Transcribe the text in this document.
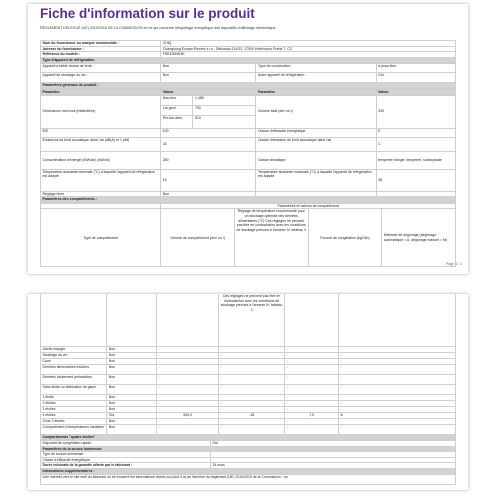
Fiche d'information sur le produit
RÈGLEMENT DÉLÉGUÉ (UE) 2019/2016 DE LA COMMISSION en ce qui concerne l'étiquetage énergétique des dispositifs d'affichage électronique
Nom du fournisseur ou marque commerciale :	CHiQ
Adresse du fournisseur :	Changhong Europe Electric s.r.o., Děčínská 214/32, 17000 Holešovice Praha 7, CZ
Référence du modèle :	FSE430NE4E
Type d'appareil de réfrigération	
Appareil à faible niveau de bruit :	Non	Type de construction :	à pose libre
Appareil de stockage du vin :	Non	Autre appareil de réfrigération :	Oui
Paramètres généraux du produit :			
Paramètre	Valeur	Paramètre	Valeur
Dimensions hors tout (millimètres)	
Hau-teur	1 485
Lar-geur	700
Pro-fon-deur	610
	Volume total (dm³ ou l)	330
IEE	100	Classe d'efficacité énergétique	E
Émissions de bruit acoustique dans l'air (dB(A) re 1 pW)	43	Classe d'émission de bruit acoustique dans l'air	C
Consommation d'énergie (kWh/an) (kWh/a)	280	Classe climatique :	tempérée élargie, tempérée, subtropicale
Température ambiante minimale (°C) à laquelle l'appareil de réfrigération est adapté	16	Température ambiante maximale (°C) à laquelle l'appareil de réfrigération est adapté	38
Réglage hiver	Non		
Paramètres des compartiments :
	Paramètres et valeurs de compartiment			
Type de compartiment	Volume de compartiment (dm³ ou l)	Réglage de température recommandé pour un stockage optimisé des denrées alimentaires (°C) Ces réglages ne peuvent pas être en contradiction avec les conditions de stockage prévues à l'annexe IV, tableau 3	Pouvoir de congélation (kg/24h)	Méthode de dégivrage (dégivrage automatique = A, dégivrage manuel = M)
Page 1 / 2
			Ces réglages ne peuvent pas être en contradiction avec les conditions de stockage prévues à l'annexe IV, tableau 3		
Garde-manger	Non	-	-	-	-
Stockage du vin	Non	-	-	-	-
Cave	Non	-	-	-	-
Denrées alimentaires fraîches	Non	-	-	-	-
Denrées hautement périssables	Non	-	-	-	-
Sans étoile ou fabrication de glace	Non	-	-	-	-
1 étoile	Non	-	-	-	-
2 étoiles	Non	-	-	-	-
3 étoiles	Non	-	-	-	-
4 étoiles	Oui	330,0	-18	7,5	A
Zone 2 étoiles	Non	-	-	-	-
Compartiment à températures variables	Non	-	-	-	-
Compartiments "quatre étoiles"					
Dispositif de congélation rapide	Oui
Paramètres de la source lumineuse:	
Type de source lumineuse	
Classe d'efficacité énergétique	
Durée minimale de la garantie offerte par le fabricant :	24 mois
Informations supplémentaires :	
Lien internet vers le site web du fabricant où se trouvent les informations visées au point 4 a) de l'annexe du règlement (UE) 2019/2019 de la Commission : na	
